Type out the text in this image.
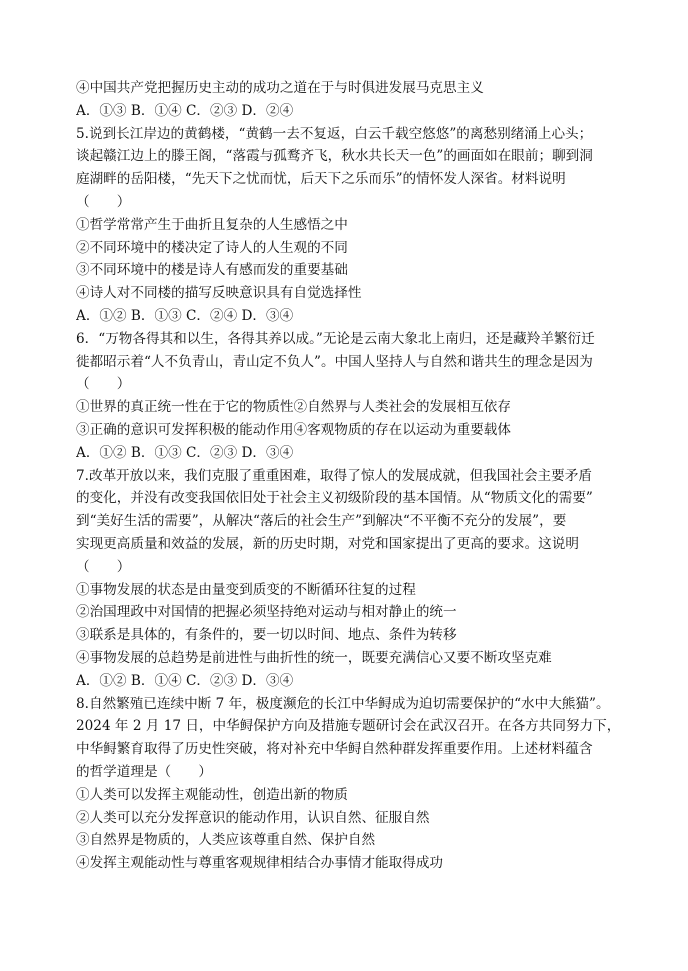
④中国共产党把握历史主动的成功之道在于与时俱进发展马克思主义
A．①③ B．①④ C．②③ D．②④
5.说到长江岸边的黄鹤楼，“黄鹤一去不复返，白云千载空悠悠”的离愁别绪涌上心头；
谈起赣江边上的滕王阁，“落霞与孤鹜齐飞，秋水共长天一色”的画面如在眼前；聊到洞
庭湖畔的岳阳楼，“先天下之忧而忧，后天下之乐而乐”的情怀发人深省。材料说明
（　　）
①哲学常常产生于曲折且复杂的人生感悟之中
②不同环境中的楼决定了诗人的人生观的不同
③不同环境中的楼是诗人有感而发的重要基础
④诗人对不同楼的描写反映意识具有自觉选择性
A．①② B．①③ C．②④ D．③④
6．“万物各得其和以生，各得其养以成。”无论是云南大象北上南归，还是藏羚羊繁衍迁
徙都昭示着“人不负青山，青山定不负人”。中国人坚持人与自然和谐共生的理念是因为
（　　）
①世界的真正统一性在于它的物质性②自然界与人类社会的发展相互依存
③正确的意识可发挥积极的能动作用④客观物质的存在以运动为重要载体
A．①② B．①③ C．②③ D．③④
7.改革开放以来，我们克服了重重困难，取得了惊人的发展成就，但我国社会主要矛盾
的变化，并没有改变我国依旧处于社会主义初级阶段的基本国情。从“物质文化的需要”
到“美好生活的需要”，从解决“落后的社会生产”到解决“不平衡不充分的发展”，要
实现更高质量和效益的发展，新的历史时期，对党和国家提出了更高的要求。这说明
（　　）
①事物发展的状态是由量变到质变的不断循环往复的过程
②治国理政中对国情的把握必须坚持绝对运动与相对静止的统一
③联系是具体的，有条件的，要一切以时间、地点、条件为转移
④事物发展的总趋势是前进性与曲折性的统一，既要充满信心又要不断攻坚克难
A．①② B．①④ C．②③ D．③④
8.自然繁殖已连续中断 7 年，极度濒危的长江中华鲟成为迫切需要保护的“水中大熊猫”。
2024 年 2 月 17 日，中华鲟保护方向及措施专题研讨会在武汉召开。在各方共同努力下，
中华鲟繁育取得了历史性突破，将对补充中华鲟自然种群发挥重要作用。上述材料蕴含
的哲学道理是（　　）
①人类可以发挥主观能动性，创造出新的物质
②人类可以充分发挥意识的能动作用，认识自然、征服自然
③自然界是物质的，人类应该尊重自然、保护自然
④发挥主观能动性与尊重客观规律相结合办事情才能取得成功
